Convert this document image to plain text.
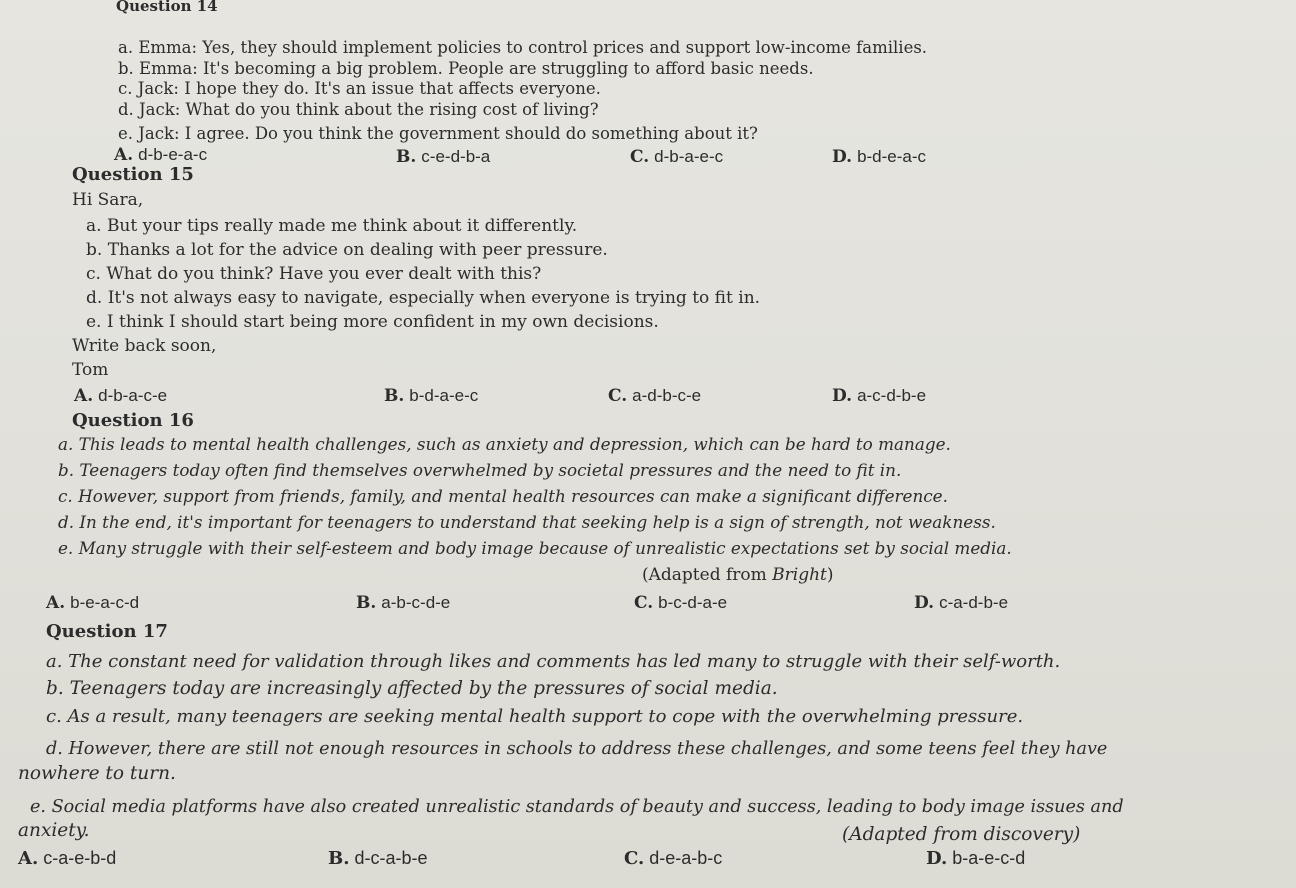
Question 14
a. Emma: Yes, they should implement policies to control prices and support low-income families.
b. Emma: It's becoming a big problem. People are struggling to afford basic needs.
c. Jack: I hope they do. It's an issue that affects everyone.
d. Jack: What do you think about the rising cost of living?
e. Jack: I agree. Do you think the government should do something about it?
A. d-b-e-a-c	B. c-e-d-b-a	C. d-b-a-e-c	D. b-d-e-a-c
Question 15
Hi Sara,
a. But your tips really made me think about it differently.
b. Thanks a lot for the advice on dealing with peer pressure.
c. What do you think? Have you ever dealt with this?
d. It's not always easy to navigate, especially when everyone is trying to fit in.
e. I think I should start being more confident in my own decisions.
Write back soon,
Tom
A. d-b-a-c-e	B. b-d-a-e-c	C. a-d-b-c-e	D. a-c-d-b-e
Question 16
a. This leads to mental health challenges, such as anxiety and depression, which can be hard to manage.
b. Teenagers today often find themselves overwhelmed by societal pressures and the need to fit in.
c. However, support from friends, family, and mental health resources can make a significant difference.
d. In the end, it's important for teenagers to understand that seeking help is a sign of strength, not weakness.
e. Many struggle with their self-esteem and body image because of unrealistic expectations set by social media.
(Adapted from Bright)
A. b-e-a-c-d	B. a-b-c-d-e	C. b-c-d-a-e	D. c-a-d-b-e
Question 17
a. The constant need for validation through likes and comments has led many to struggle with their self-worth.
b. Teenagers today are increasingly affected by the pressures of social media.
c. As a result, many teenagers are seeking mental health support to cope with the overwhelming pressure.
d. However, there are still not enough resources in schools to address these challenges, and some teens feel they have
nowhere to turn.
e. Social media platforms have also created unrealistic standards of beauty and success, leading to body image issues and
anxiety.	(Adapted from discovery)
A. c-a-e-b-d	B. d-c-a-b-e	C. d-e-a-b-c	D. b-a-e-c-d
